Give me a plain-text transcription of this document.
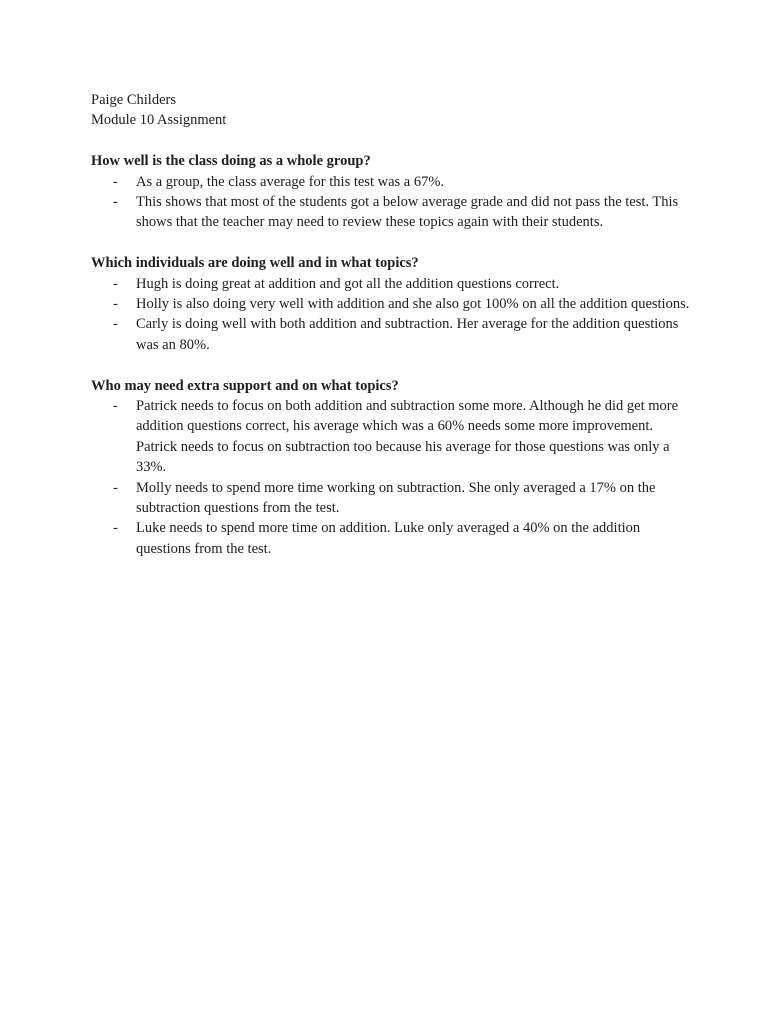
Paige Childers
Module 10 Assignment
How well is the class doing as a whole group?
- As a group, the class average for this test was a 67%.
- This shows that most of the students got a below average grade and did not pass the test. This shows that the teacher may need to review these topics again with their students.
Which individuals are doing well and in what topics?
- Hugh is doing great at addition and got all the addition questions correct.
- Holly is also doing very well with addition and she also got 100% on all the addition questions.
- Carly is doing well with both addition and subtraction. Her average for the addition questions was an 80%.
Who may need extra support and on what topics?
- Patrick needs to focus on both addition and subtraction some more. Although he did get more addition questions correct, his average which was a 60% needs some more improvement. Patrick needs to focus on subtraction too because his average for those questions was only a 33%.
- Molly needs to spend more time working on subtraction. She only averaged a 17% on the subtraction questions from the test.
- Luke needs to spend more time on addition. Luke only averaged a 40% on the addition questions from the test.
